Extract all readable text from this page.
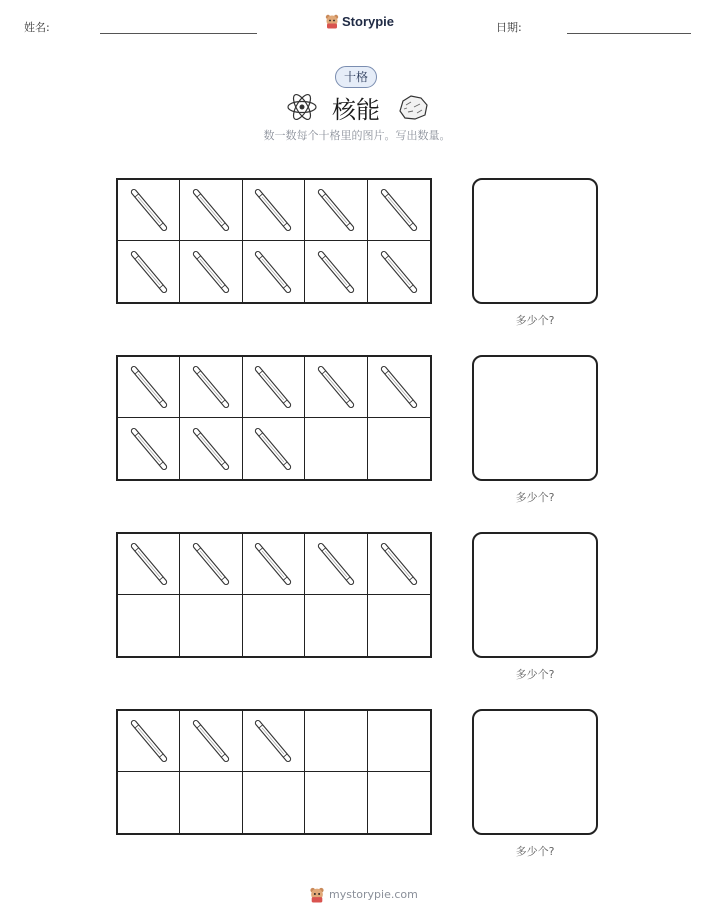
姓名:	Storypie	日期:
十格
核能
数一数每个十格里的图片。写出数量。
多少个?
多少个?
多少个?
多少个?
mystorypie.com
